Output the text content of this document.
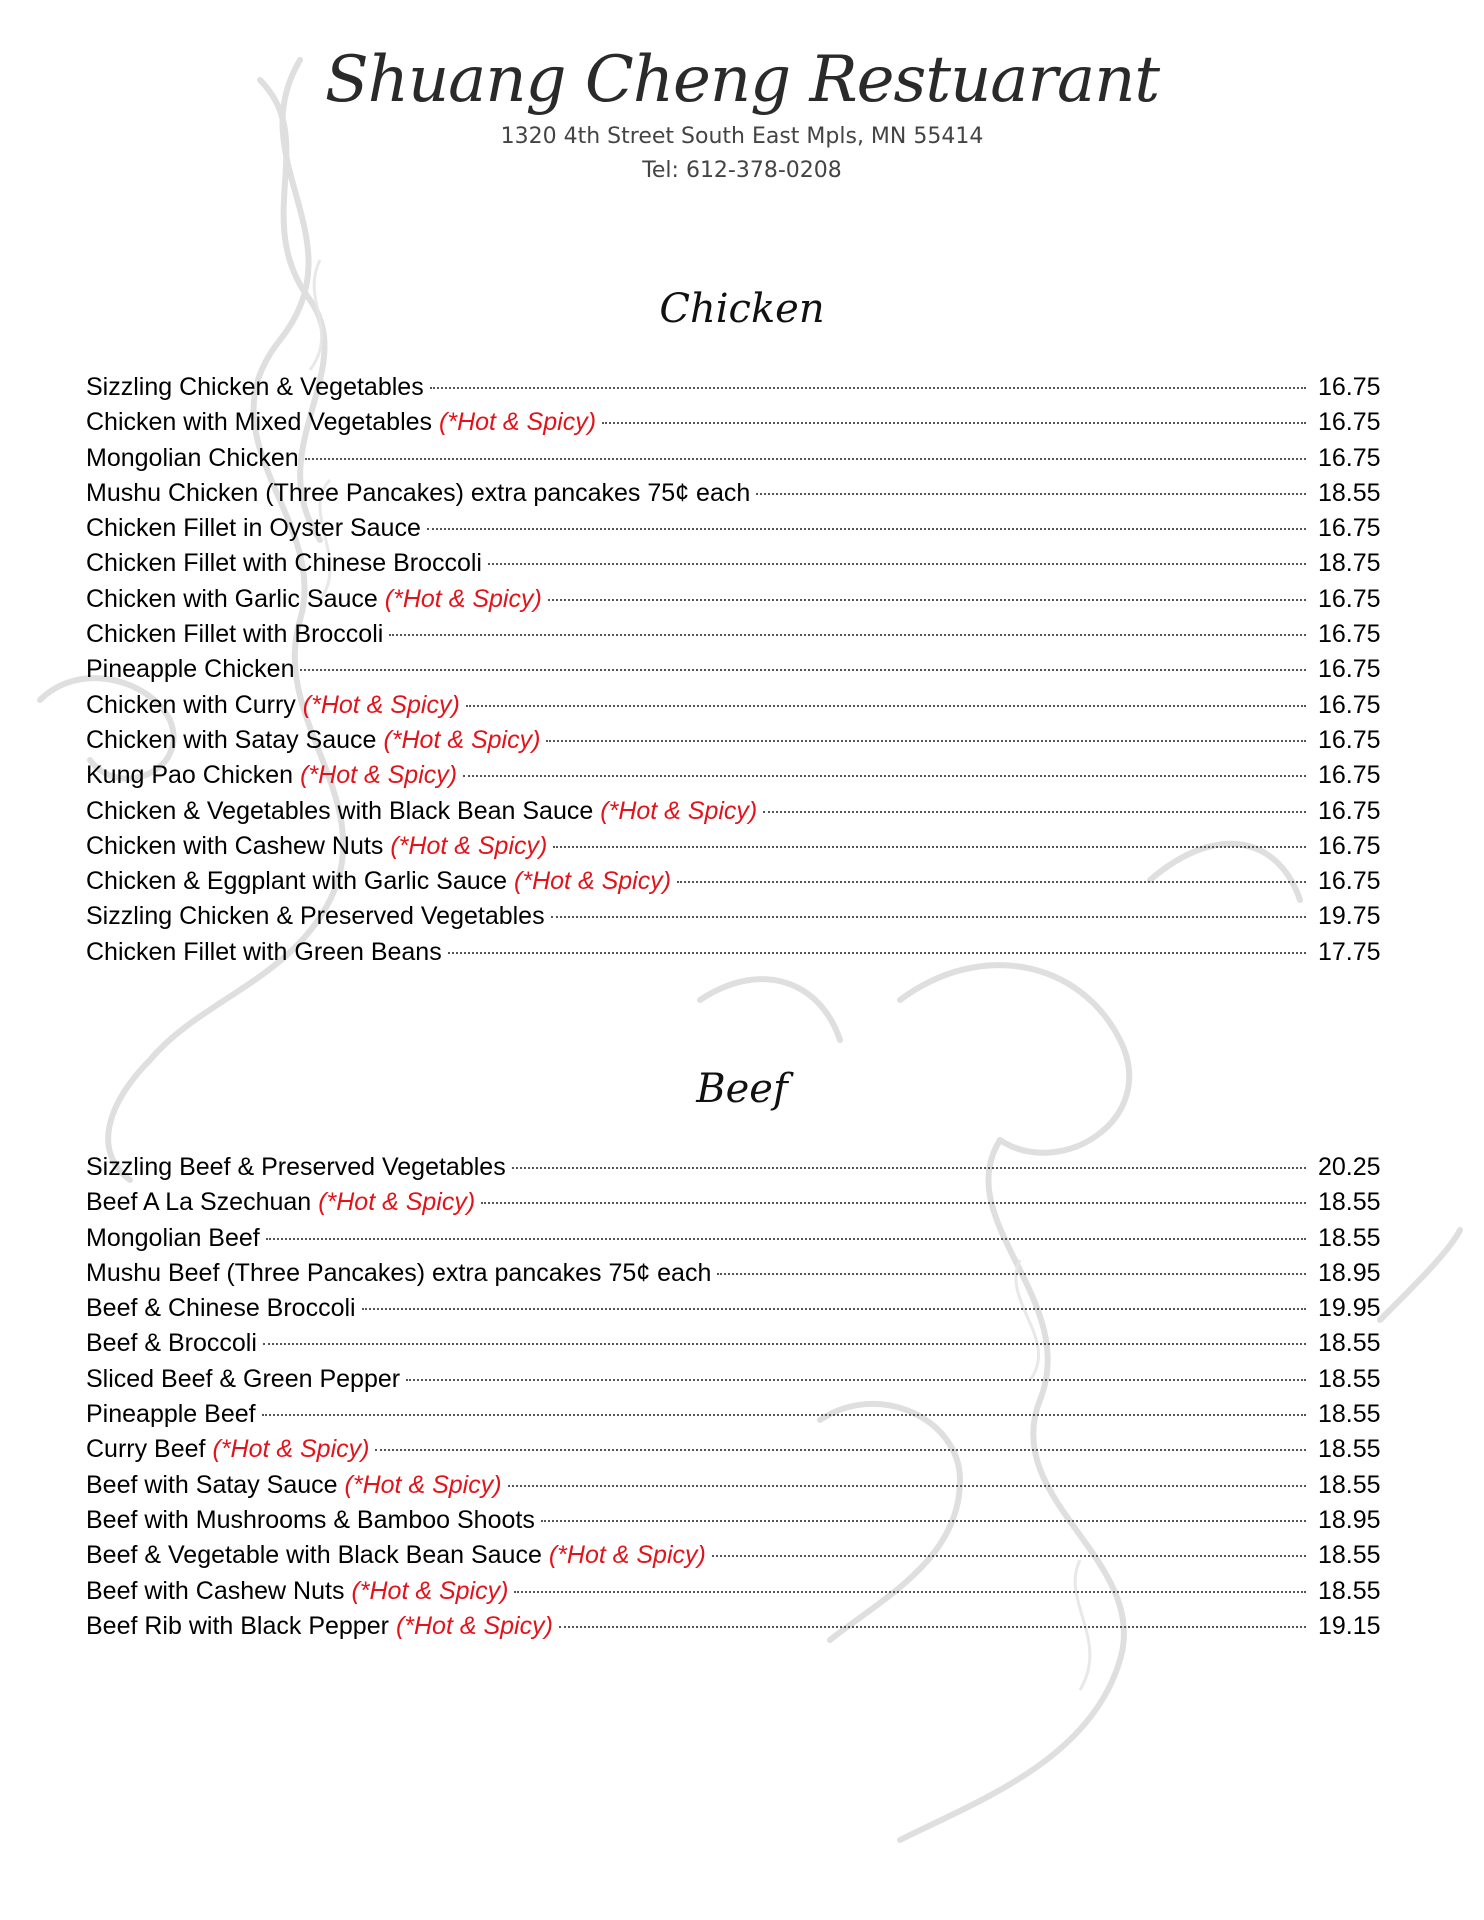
Shuang Cheng Restuarant
1320 4th Street South East Mpls, MN 55414
Tel: 612-378-0208
Chicken
Sizzling Chicken & Vegetables	16.75
Chicken with Mixed Vegetables (*Hot & Spicy)	16.75
Mongolian Chicken	16.75
Mushu Chicken (Three Pancakes) extra pancakes 75¢ each	18.55
Chicken Fillet in Oyster Sauce	16.75
Chicken Fillet with Chinese Broccoli	18.75
Chicken with Garlic Sauce (*Hot & Spicy)	16.75
Chicken Fillet with Broccoli	16.75
Pineapple Chicken	16.75
Chicken with Curry (*Hot & Spicy)	16.75
Chicken with Satay Sauce (*Hot & Spicy)	16.75
Kung Pao Chicken (*Hot & Spicy)	16.75
Chicken & Vegetables with Black Bean Sauce (*Hot & Spicy)	16.75
Chicken with Cashew Nuts (*Hot & Spicy)	16.75
Chicken & Eggplant with Garlic Sauce (*Hot & Spicy)	16.75
Sizzling Chicken & Preserved Vegetables	19.75
Chicken Fillet with Green Beans	17.75
Beef
Sizzling Beef & Preserved Vegetables	20.25
Beef A La Szechuan (*Hot & Spicy)	18.55
Mongolian Beef	18.55
Mushu Beef (Three Pancakes) extra pancakes 75¢ each	18.95
Beef & Chinese Broccoli	19.95
Beef & Broccoli	18.55
Sliced Beef & Green Pepper	18.55
Pineapple Beef	18.55
Curry Beef (*Hot & Spicy)	18.55
Beef with Satay Sauce (*Hot & Spicy)	18.55
Beef with Mushrooms & Bamboo Shoots	18.95
Beef & Vegetable with Black Bean Sauce (*Hot & Spicy)	18.55
Beef with Cashew Nuts (*Hot & Spicy)	18.55
Beef Rib with Black Pepper (*Hot & Spicy)	19.15
